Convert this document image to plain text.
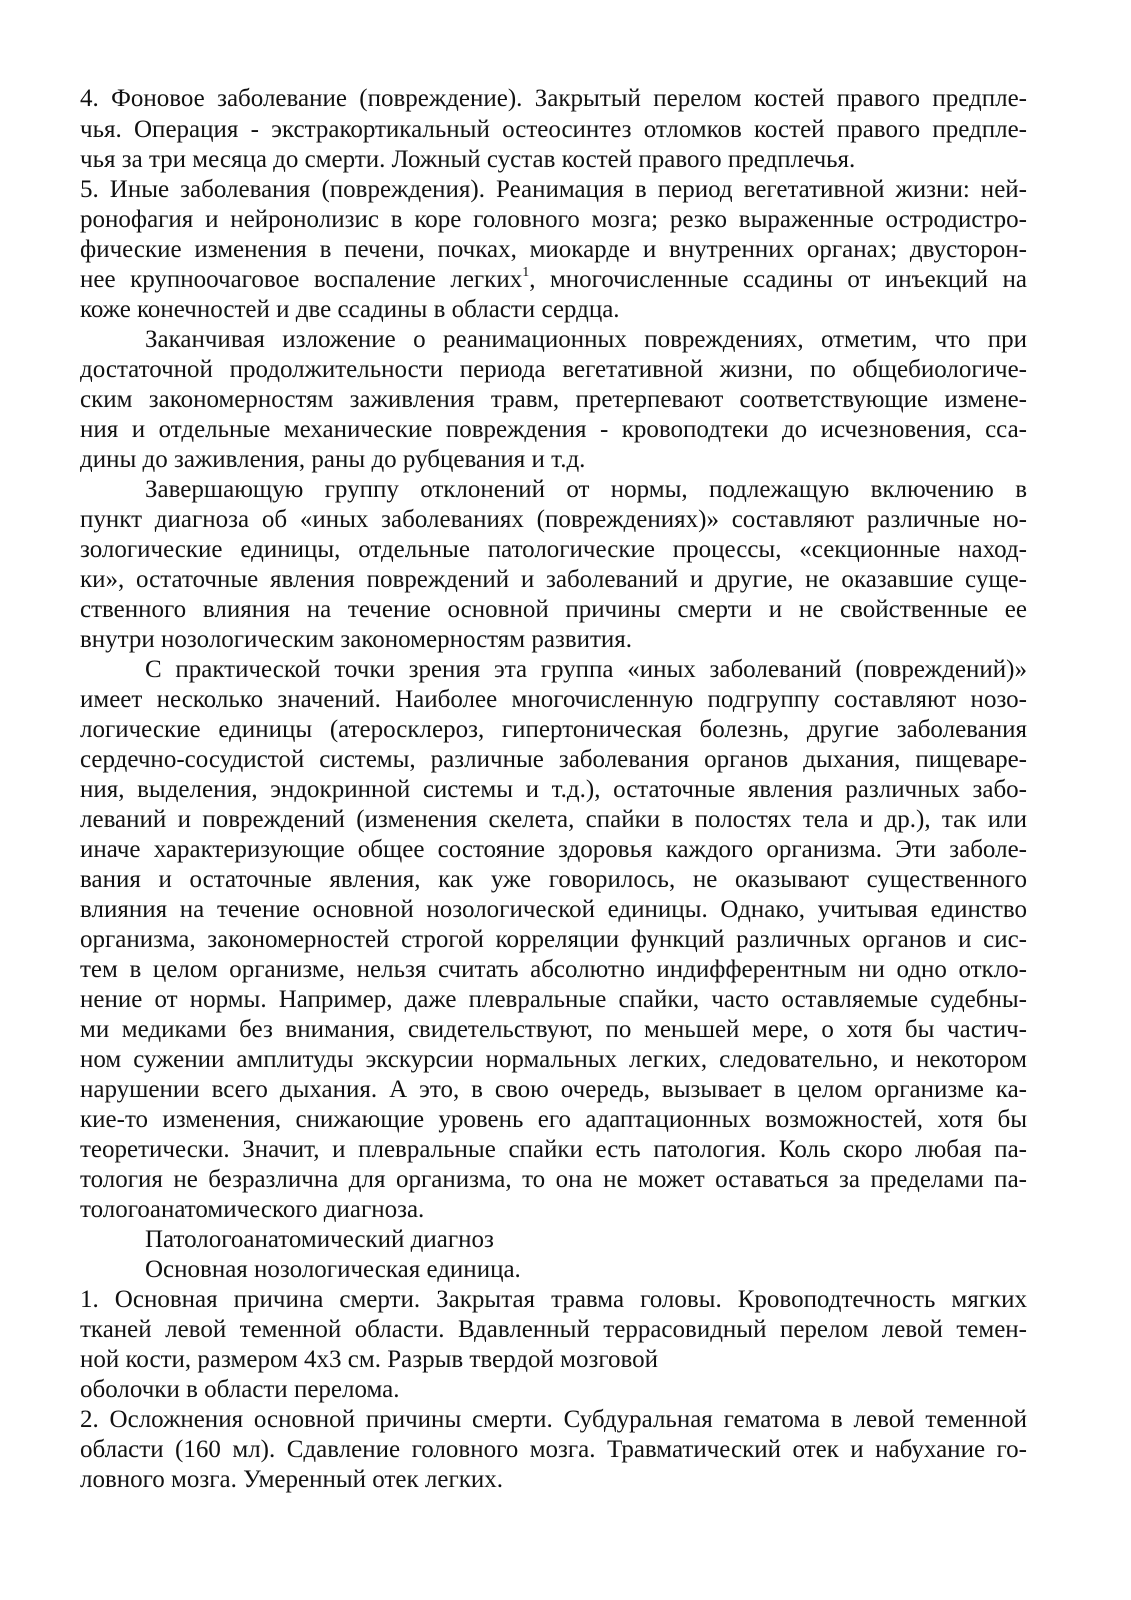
4. Фоновое заболевание (повреждение). Закрытый перелом костей правого предпле-
чья. Операция - экстракортикальный остеосинтез отломков костей правого предпле-
чья за три месяца до смерти. Ложный сустав костей правого предплечья.
5. Иные заболевания (повреждения). Реанимация в период вегетативной жизни: ней-
ронофагия и нейронолизис в коре головного мозга; резко выраженные остродистро-
фические изменения в печени, почках, миокарде и внутренних органах; двусторон-
нее крупноочаговое воспаление легких$^1$, многочисленные ссадины от инъекций на
коже конечностей и две ссадины в области сердца.
Заканчивая изложение о реанимационных повреждениях, отметим, что при
достаточной продолжительности периода вегетативной жизни, по общебиологиче-
ским закономерностям заживления травм, претерпевают соответствующие измене-
ния и отдельные механические повреждения - кровоподтеки до исчезновения, сса-
дины до заживления, раны до рубцевания и т.д.
Завершающую группу отклонений от нормы, подлежащую включению в
пункт диагноза об «иных заболеваниях (повреждениях)» составляют различные но-
зологические единицы, отдельные патологические процессы, «секционные наход-
ки», остаточные явления повреждений и заболеваний и другие, не оказавшие суще-
ственного влияния на течение основной причины смерти и не свойственные ее
внутри нозологическим закономерностям развития.
С практической точки зрения эта группа «иных заболеваний (повреждений)»
имеет несколько значений. Наиболее многочисленную подгруппу составляют нозо-
логические единицы (атеросклероз, гипертоническая болезнь, другие заболевания
сердечно-сосудистой системы, различные заболевания органов дыхания, пищеваре-
ния, выделения, эндокринной системы и т.д.), остаточные явления различных забо-
леваний и повреждений (изменения скелета, спайки в полостях тела и др.), так или
иначе характеризующие общее состояние здоровья каждого организма. Эти заболе-
вания и остаточные явления, как уже говорилось, не оказывают существенного
влияния на течение основной нозологической единицы. Однако, учитывая единство
организма, закономерностей строгой корреляции функций различных органов и сис-
тем в целом организме, нельзя считать абсолютно индифферентным ни одно откло-
нение от нормы. Например, даже плевральные спайки, часто оставляемые судебны-
ми медиками без внимания, свидетельствуют, по меньшей мере, о хотя бы частич-
ном сужении амплитуды экскурсии нормальных легких, следовательно, и некотором
нарушении всего дыхания. А это, в свою очередь, вызывает в целом организме ка-
кие-то изменения, снижающие уровень его адаптационных возможностей, хотя бы
теоретически. Значит, и плевральные спайки есть патология. Коль скоро любая па-
тология не безразлична для организма, то она не может оставаться за пределами па-
тологоанатомического диагноза.
Патологоанатомический диагноз
Основная нозологическая единица.
1. Основная причина смерти. Закрытая травма головы. Кровоподтечность мягких
тканей левой теменной области. Вдавленный террасовидный перелом левой темен-
ной кости, размером 4х3 см. Разрыв твердой мозговой
оболочки в области перелома.
2. Осложнения основной причины смерти. Субдуральная гематома в левой теменной
области (160 мл). Сдавление головного мозга. Травматический отек и набухание го-
ловного мозга. Умеренный отек легких.
